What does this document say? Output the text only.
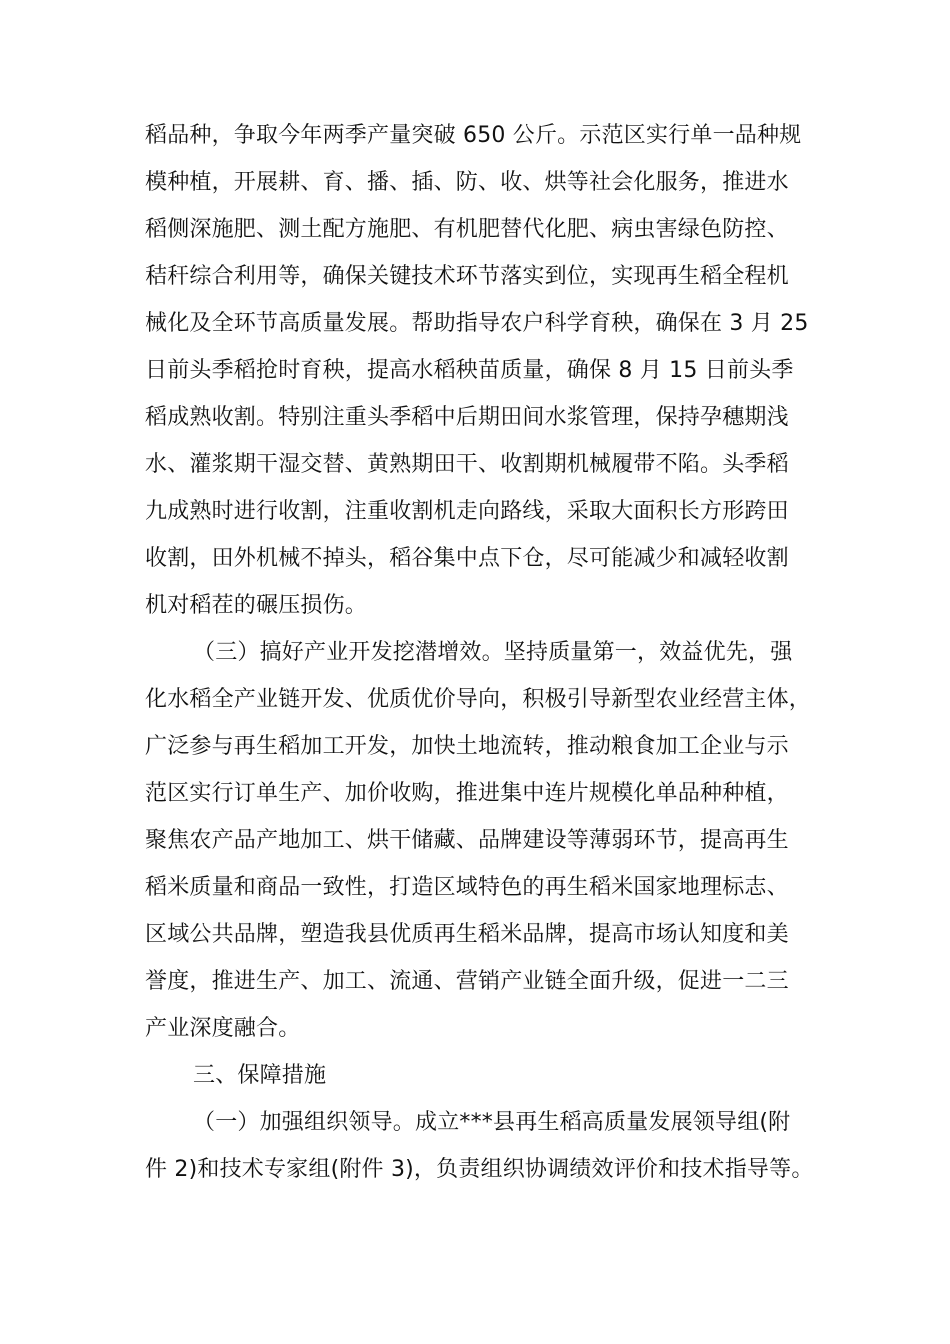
稻品种，争取今年两季产量突破 650 公斤。示范区实行单一品种规
模种植，开展耕、育、播、插、防、收、烘等社会化服务，推进水
稻侧深施肥、测土配方施肥、有机肥替代化肥、病虫害绿色防控、
秸秆综合利用等，确保关键技术环节落实到位，实现再生稻全程机
械化及全环节高质量发展。帮助指导农户科学育秧，确保在 3 月 25
日前头季稻抢时育秧，提高水稻秧苗质量，确保 8 月 15 日前头季
稻成熟收割。特别注重头季稻中后期田间水浆管理，保持孕穗期浅
水、灌浆期干湿交替、黄熟期田干、收割期机械履带不陷。头季稻
九成熟时进行收割，注重收割机走向路线，采取大面积长方形跨田
收割，田外机械不掉头，稻谷集中点下仓，尽可能减少和减轻收割
机对稻茬的碾压损伤。
（三）搞好产业开发挖潜增效。坚持质量第一，效益优先，强
化水稻全产业链开发、优质优价导向，积极引导新型农业经营主体，
广泛参与再生稻加工开发，加快土地流转，推动粮食加工企业与示
范区实行订单生产、加价收购，推进集中连片规模化单品种种植，
聚焦农产品产地加工、烘干储藏、品牌建设等薄弱环节，提高再生
稻米质量和商品一致性，打造区域特色的再生稻米国家地理标志、
区域公共品牌，塑造我县优质再生稻米品牌，提高市场认知度和美
誉度，推进生产、加工、流通、营销产业链全面升级，促进一二三
产业深度融合。
三、保障措施
（一）加强组织领导。成立***县再生稻高质量发展领导组(附
件 2)和技术专家组(附件 3)，负责组织协调绩效评价和技术指导等。
